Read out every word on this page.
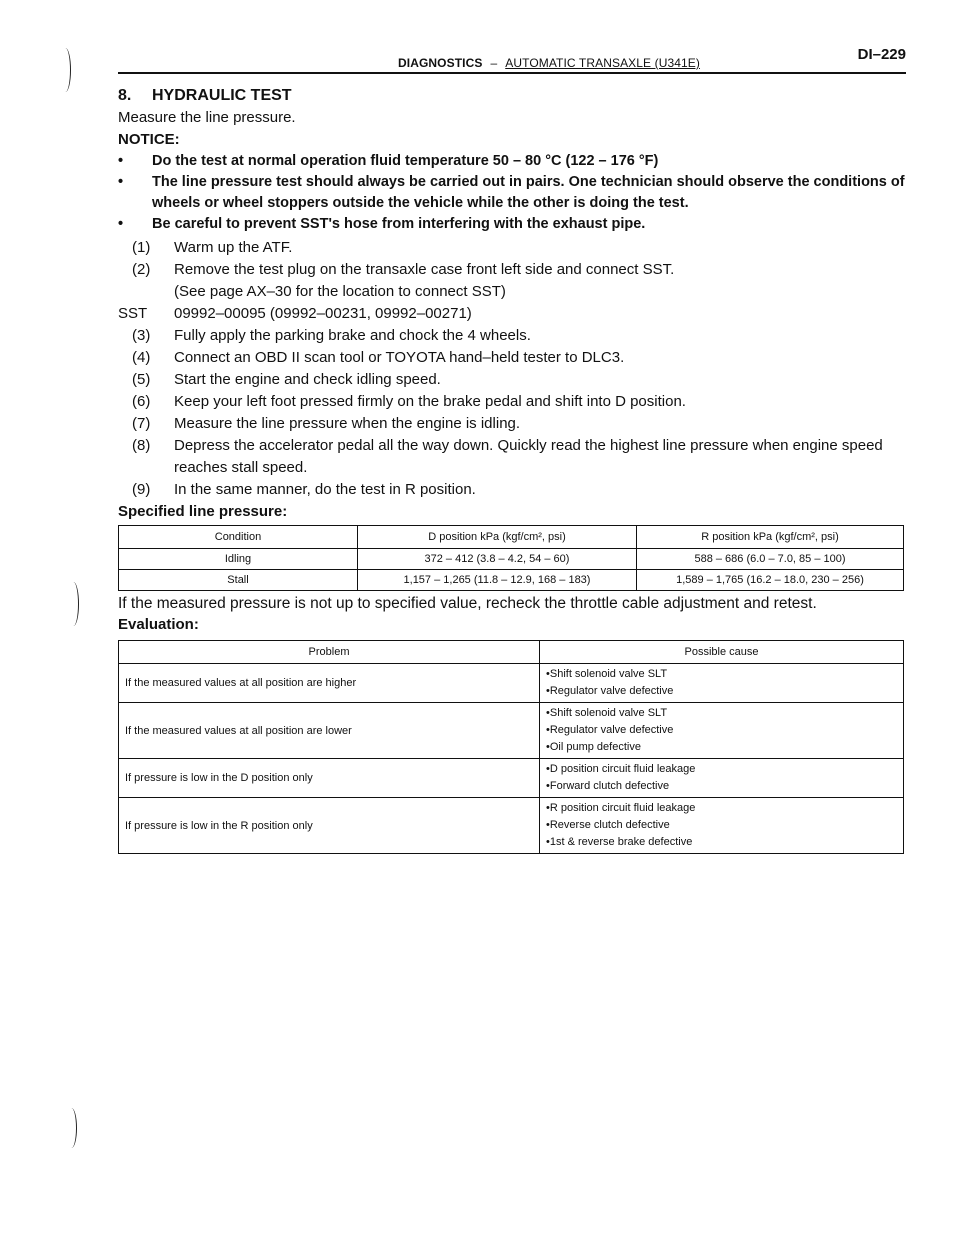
DI–229
DIAGNOSTICS – AUTOMATIC TRANSAXLE (U341E)

8. HYDRAULIC TEST

Measure the line pressure.

NOTICE:

• Do the test at normal operation fluid temperature 50 – 80 °C (122 – 176 °F)
• The line pressure test should always be carried out in pairs. One technician should observe the conditions of wheels or wheel stoppers outside the vehicle while the other is doing the test.
• Be careful to prevent SST's hose from interfering with the exhaust pipe.
(1)	Warm up the ATF.
(2)	Remove the test plug on the transaxle case front left side and connect SST.
(See page AX–30 for the location to connect SST)
SST	09992–00095 (09992–00231, 09992–00271)
(3)	Fully apply the parking brake and chock the 4 wheels.
(4)	Connect an OBD II scan tool or TOYOTA hand–held tester to DLC3.
(5)	Start the engine and check idling speed.
(6)	Keep your left foot pressed firmly on the brake pedal and shift into D position.
(7)	Measure the line pressure when the engine is idling.
(8)	Depress the accelerator pedal all the way down. Quickly read the highest line pressure when engine speed reaches stall speed.
(9)	In the same manner, do the test in R position.

Specified line pressure:

Condition	D position kPa (kgf/cm², psi)	R position kPa (kgf/cm², psi)
Idling	372 – 412 (3.8 – 4.2, 54 – 60)	588 – 686 (6.0 – 7.0, 85 – 100)
Stall	1,157 – 1,265 (11.8 – 12.9, 168 – 183)	1,589 – 1,765 (16.2 – 18.0, 230 – 256)

If the measured pressure is not up to specified value, recheck the throttle cable adjustment and retest.

Evaluation:

Problem	Possible cause
If the measured values at all position are higher	• Shift solenoid valve SLT
• Regulator valve defective

If the measured values at all position are lower	• Shift solenoid valve SLT
• Regulator valve defective
• Oil pump defective

If pressure is low in the D position only	• D position circuit fluid leakage
• Forward clutch defective

If pressure is low in the R position only	• R position circuit fluid leakage
• Reverse clutch defective
• 1st & reverse brake defective
